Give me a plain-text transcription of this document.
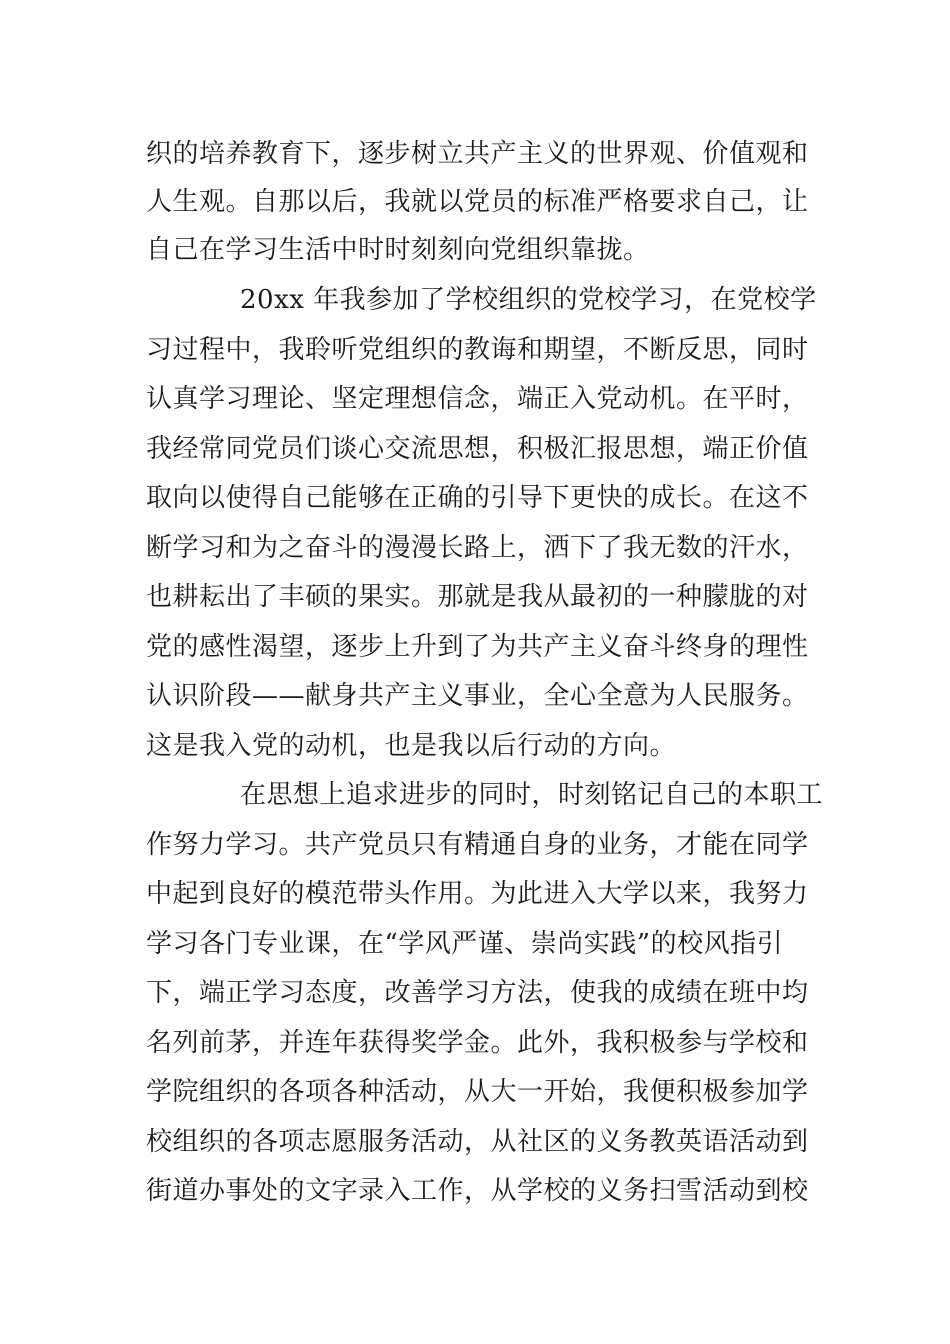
织的培养教育下，逐步树立共产主义的世界观、价值观和
人生观。自那以后，我就以党员的标准严格要求自己，让
自己在学习生活中时时刻刻向党组织靠拢。
20xx 年我参加了学校组织的党校学习，在党校学
习过程中，我聆听党组织的教诲和期望，不断反思，同时
认真学习理论、坚定理想信念，端正入党动机。在平时，
我经常同党员们谈心交流思想，积极汇报思想，端正价值
取向以使得自己能够在正确的引导下更快的成长。在这不
断学习和为之奋斗的漫漫长路上，洒下了我无数的汗水，
也耕耘出了丰硕的果实。那就是我从最初的一种朦胧的对
党的感性渴望，逐步上升到了为共产主义奋斗终身的理性
认识阶段——献身共产主义事业，全心全意为人民服务。
这是我入党的动机，也是我以后行动的方向。
在思想上追求进步的同时，时刻铭记自己的本职工
作努力学习。共产党员只有精通自身的业务，才能在同学
中起到良好的模范带头作用。为此进入大学以来，我努力
学习各门专业课，在“学风严谨、崇尚实践”的校风指引
下，端正学习态度，改善学习方法，使我的成绩在班中均
名列前茅，并连年获得奖学金。此外，我积极参与学校和
学院组织的各项各种活动，从大一开始，我便积极参加学
校组织的各项志愿服务活动，从社区的义务教英语活动到
街道办事处的文字录入工作，从学校的义务扫雪活动到校
